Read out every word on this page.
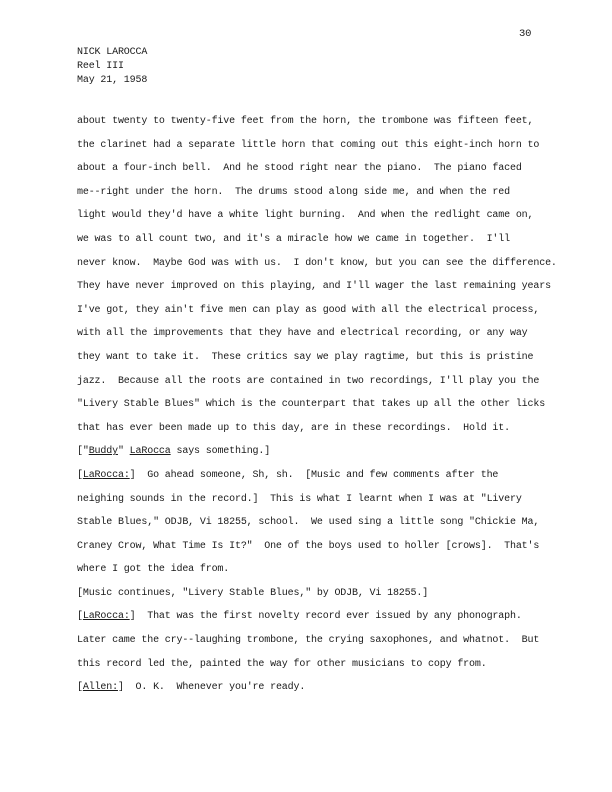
30
NICK LAROCCA
Reel III
May 21, 1958
about twenty to twenty-five feet from the horn, the trombone was fifteen feet,
the clarinet had a separate little horn that coming out this eight-inch horn to
about a four-inch bell.  And he stood right near the piano.  The piano faced
me--right under the horn.  The drums stood along side me, and when the red
light would they'd have a white light burning.  And when the redlight came on,
we was to all count two, and it's a miracle how we came in together.  I'll
never know.  Maybe God was with us.  I don't know, but you can see the difference.
They have never improved on this playing, and I'll wager the last remaining years
I've got, they ain't five men can play as good with all the electrical process,
with all the improvements that they have and electrical recording, or any way
they want to take it.  These critics say we play ragtime, but this is pristine
jazz.  Because all the roots are contained in two recordings, I'll play you the
"Livery Stable Blues" which is the counterpart that takes up all the other licks
that has ever been made up to this day, are in these recordings.  Hold it.
["Buddy" LaRocca says something.]
[LaRocca:]  Go ahead someone, Sh, sh.  [Music and few comments after the
neighing sounds in the record.]  This is what I learnt when I was at "Livery
Stable Blues," ODJB, Vi 18255, school.  We used sing a little song "Chickie Ma,
Craney Crow, What Time Is It?"  One of the boys used to holler [crows].  That's
where I got the idea from.
[Music continues, "Livery Stable Blues," by ODJB, Vi 18255.]
[LaRocca:]  That was the first novelty record ever issued by any phonograph.
Later came the cry--laughing trombone, the crying saxophones, and whatnot.  But
this record led the, painted the way for other musicians to copy from.
[Allen:]  O. K.  Whenever you're ready.
